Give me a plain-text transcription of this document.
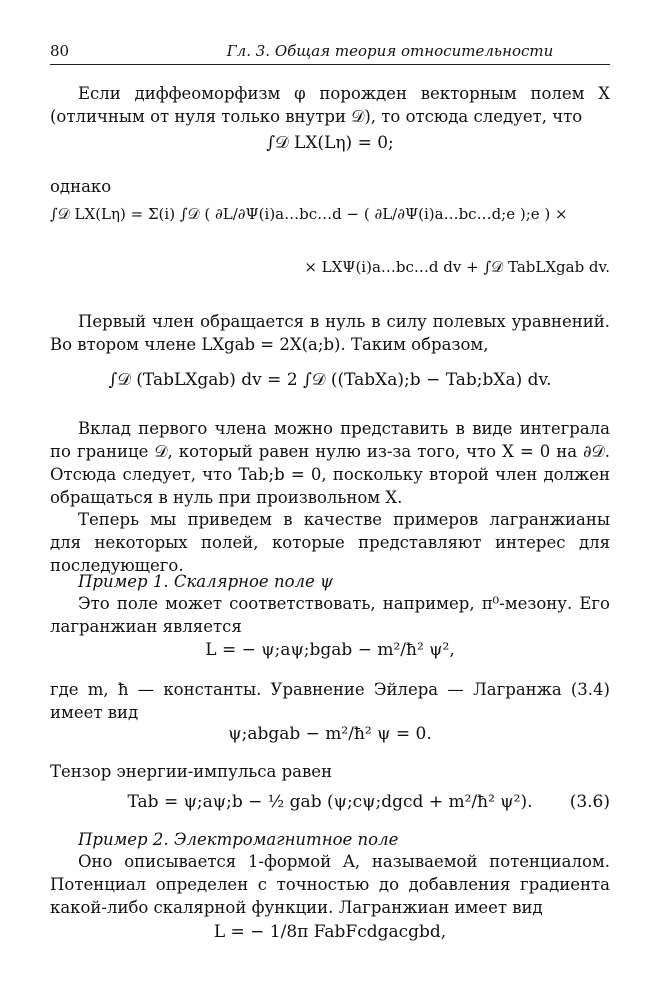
80	Гл. 3. Общая теория относительности

Если диффеоморфизм φ порожден векторным полем X (отличным от нуля только внутри 𝒟), то отсюда следует, что

∫𝒟 LX(Lη) = 0;

однако

∫𝒟 LX(Lη) = Σ(i) ∫𝒟 ( ∂L/∂Ψ(i)a…bc…d − ( ∂L/∂Ψ(i)a…bc…d;e );e ) ×
× LXΨ(i)a…bc…d dv + ∫𝒟 TabLXgab dv.

Первый член обращается в нуль в силу полевых уравнений. Во втором члене LXgab = 2X(a;b). Таким образом,

∫𝒟 (TabLXgab) dv = 2 ∫𝒟 ((TabXa);b − Tab;bXa) dv.

Вклад первого члена можно представить в виде интеграла по границе 𝒟, который равен нулю из-за того, что X = 0 на ∂𝒟. Отсюда следует, что Tab;b = 0, поскольку второй член должен обращаться в нуль при произвольном X.

Теперь мы приведем в качестве примеров лагранжианы для некоторых полей, которые представляют интерес для последующего.

Пример 1. Скалярное поле ψ

Это поле может соответствовать, например, π⁰-мезону. Его лагранжиан является

L = − ψ;aψ;bgab − m²/ħ² ψ²,

где m, ħ — константы. Уравнение Эйлера — Лагранжа (3.4) имеет вид

ψ;abgab − m²/ħ² ψ = 0.

Тензор энергии-импульса равен

Tab = ψ;aψ;b − ½ gab (ψ;cψ;dgcd + m²/ħ² ψ²). (3.6)
Пример 2. Электромагнитное поле

Оно описывается 1-формой A, называемой потенциалом. Потенциал определен с точностью до добавления градиента какой-либо скалярной функции. Лагранжиан имеет вид

L = − 1/8π FabFcdgacgbd,
